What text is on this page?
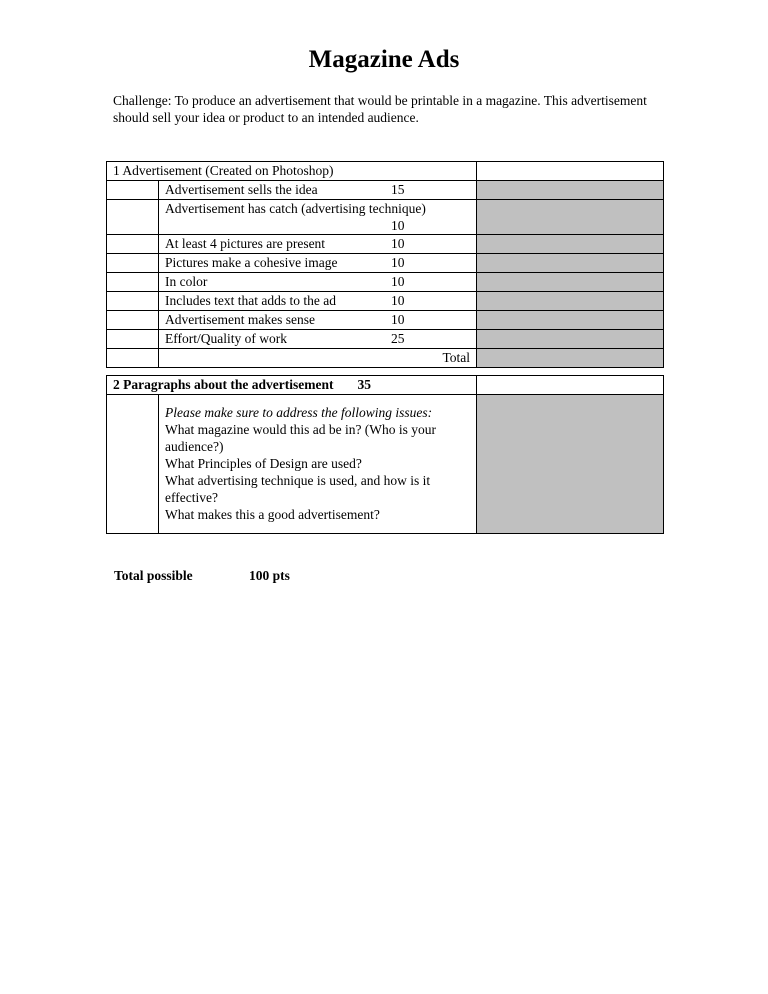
Magazine Ads
Challenge: To produce an advertisement that would be printable in a magazine. This advertisement should sell your idea or product to an intended audience.
1 Advertisement (Created on Photoshop)		

	Advertisement sells the idea 15	

	Advertisement has catch (advertising technique)
10	

	At least 4 pictures are present 10	

	Pictures make a cohesive image 10	

	In color 10	

	Includes text that adds to the ad 10	

	Advertisement makes sense 10	

	Effort/Quality of work 25	

	Total	
2 Paragraphs about the advertisement 35		

	Please make sure to address the following issues:
What magazine would this ad be in? (Who is your audience?)
What Principles of Design are used?
What advertising technique is used, and how is it effective?
What makes this a good advertisement?	

Total possible	100 pts
